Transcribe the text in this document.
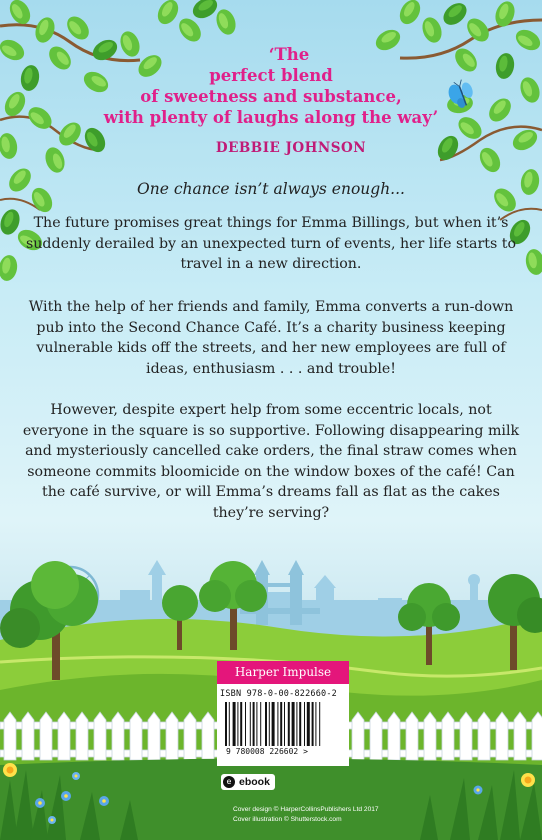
‘The
perfect blend
of sweetness and substance,
with plenty of laughs along the way’
DEBBIE JOHNSON
One chance isn’t always enough...
The future promises great things for Emma Billings, but when it’s suddenly derailed by an unexpected turn of events, her life starts to travel in a new direction.
With the help of her friends and family, Emma converts a run-down pub into the Second Chance Café. It’s a charity business keeping vulnerable kids off the streets, and her new employees are full of ideas, enthusiasm . . . and trouble!
However, despite expert help from some eccentric locals, not everyone in the square is so supportive. Following disappearing milk and mysteriously cancelled cake orders, the final straw comes when someone commits bloomicide on the window boxes of the café! Can the café survive, or will Emma’s dreams fall as flat as the cakes they’re serving?
Harper Impulse
ISBN 978-0-00-822660-2
9 780008 226602 >
e ebook
Cover design © HarperCollinsPublishers Ltd 2017
Cover illustration © Shutterstock.com
